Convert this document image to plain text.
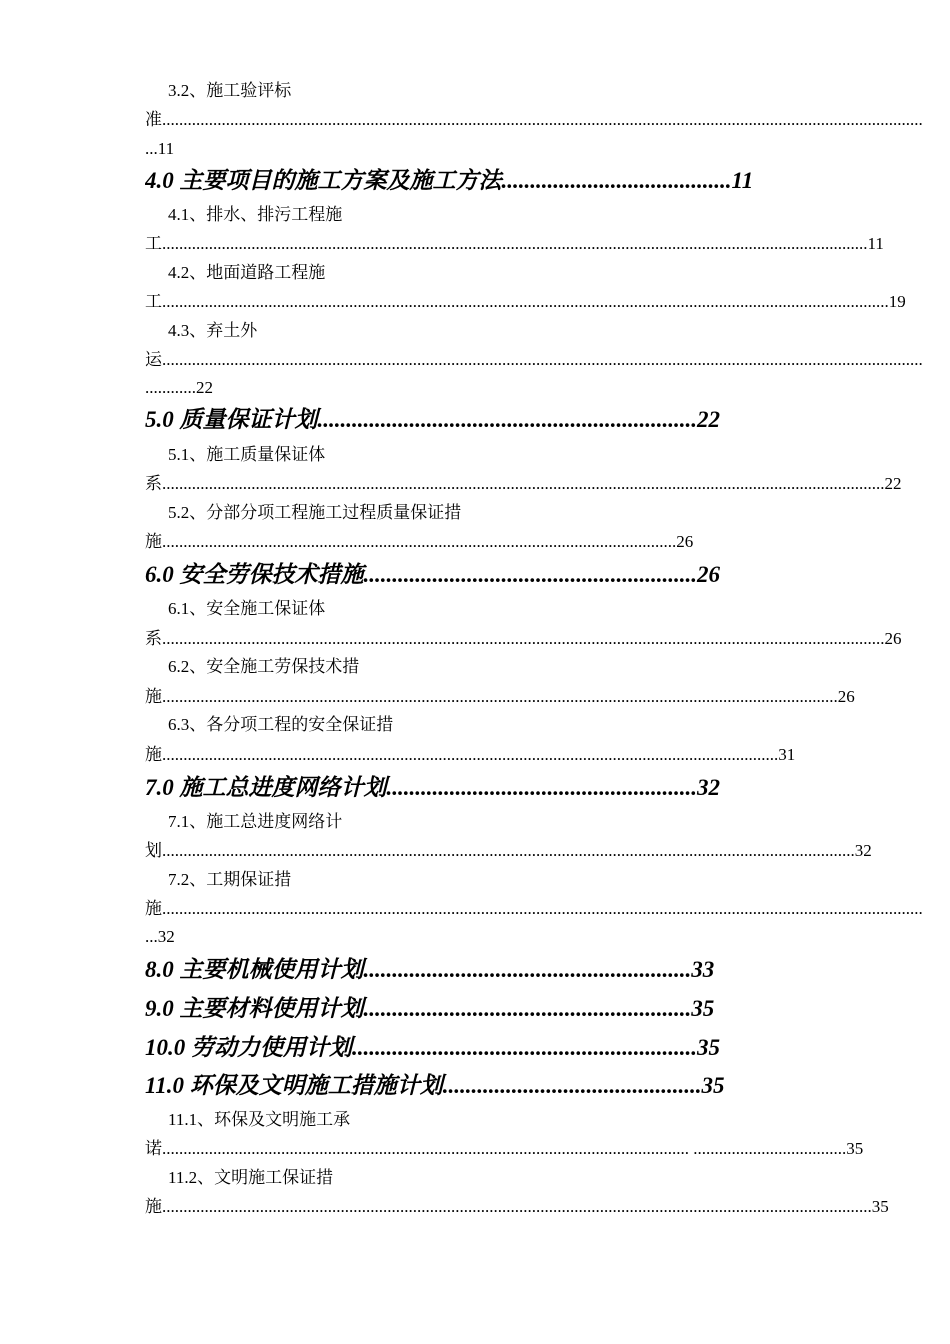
3.2、施工验评标
准...................................................................................................................................................................................
...11
4.0 主要项目的施工方案及施工方法........................................11
4.1、排水、排污工程施
工......................................................................................................................................................................11
4.2、地面道路工程施
工...........................................................................................................................................................................19
4.3、弃土外
运...................................................................................................................................................................................
............22
5.0 质量保证计划..................................................................22
5.1、施工质量保证体
系..........................................................................................................................................................................22
5.2、分部分项工程施工过程质量保证措
施.........................................................................................................................26
6.0 安全劳保技术措施..........................................................26
6.1、安全施工保证体
系..........................................................................................................................................................................26
6.2、安全施工劳保技术措
施...............................................................................................................................................................26
6.3、各分项工程的安全保证措
施.................................................................................................................................................31
7.0 施工总进度网络计划......................................................32
7.1、施工总进度网络计
划...................................................................................................................................................................32
7.2、工期保证措
施...................................................................................................................................................................................
...32
8.0 主要机械使用计划.........................................................33
9.0 主要材料使用计划.........................................................35
10.0 劳动力使用计划............................................................35
11.0 环保及文明施工措施计划.............................................35
11.1、环保及文明施工承
诺............................................................................................................................ ....................................35
11.2、文明施工保证措
施.......................................................................................................................................................................35
